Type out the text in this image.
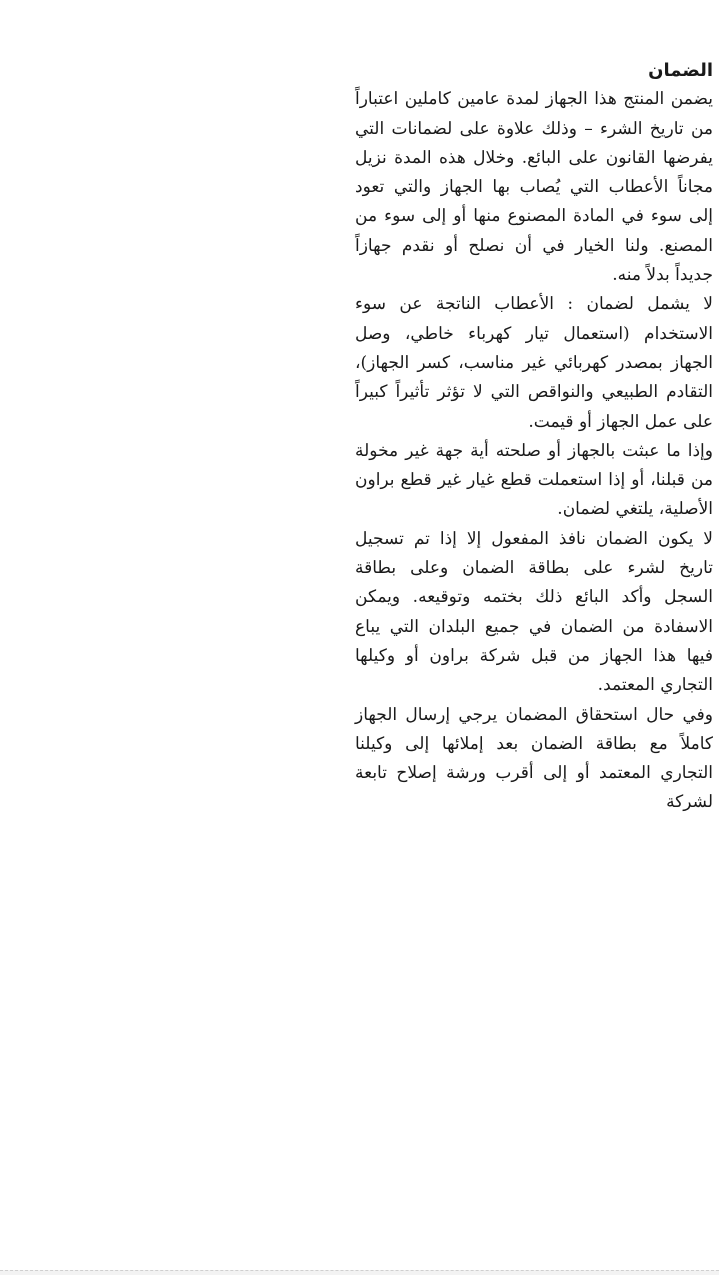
الضمان

يضمن المنتج هذا الجهاز لمدة عامين كاملين اعتباراً من تاريخ الشرء – وذلك علاوة على لضمانات التي يفرضها القانون على البائع. وخلال هذه المدة نزيل مجاناً الأعطاب التي يُصاب بها الجهاز والتي تعود إلى سوء في المادة المصنوع منها أو إلى سوء من المصنع. ولنا الخيار في أن نصلح أو نقدم جهازاً جديداً بدلاً منه.

لا يشمل لضمان : الأعطاب الناتجة عن سوء الاستخدام (استعمال تيار كهرباء خاطي، وصل الجهاز بمصدر كهربائي غير مناسب، كسر الجهاز)، التقادم الطبيعي والنواقص التي لا تؤثر تأثيراً كبيراً على عمل الجهاز أو قيمت.

وإذا ما عبثت بالجهاز أو صلحته أية جهة غير مخولة من قبلنا، أو إذا استعملت قطع غيار غير قطع براون الأصلية، يلتغي لضمان.

لا يكون الضمان نافذ المفعول إلا إذا تم تسجيل تاريخ لشرء على بطاقة الضمان وعلى بطاقة السجل وأكد البائع ذلك بختمه وتوقيعه. ويمكن الاسفادة من الضمان في جميع البلدان التي يباع فيها هذا الجهاز من قبل شركة براون أو وكيلها التجاري المعتمد.

وفي حال استحقاق المضمان يرجي إرسال الجهاز كاملاً مع بطاقة الضمان بعد إملائها إلى وكيلنا التجاري المعتمد أو إلى أقرب ورشة إصلاح تابعة لشركة
